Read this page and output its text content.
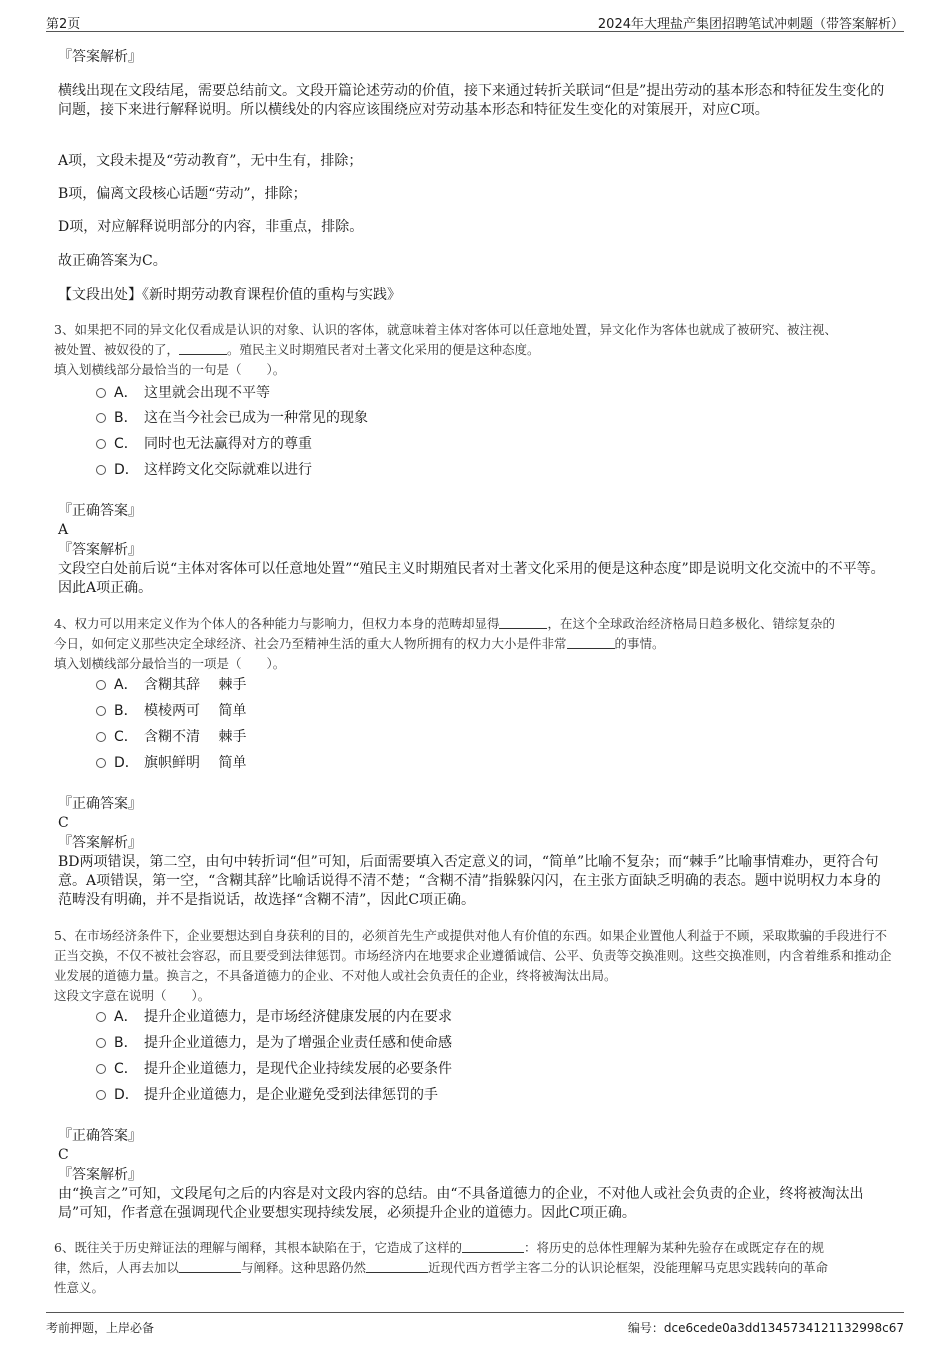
第2页	2024年大理盐产集团招聘笔试冲刺题（带答案解析）
『答案解析』
横线出现在文段结尾，需要总结前文。文段开篇论述劳动的价值，接下来通过转折关联词“但是”提出劳动的基本形态和特征发生变化的问题，接下来进行解释说明。所以横线处的内容应该围绕应对劳动基本形态和特征发生变化的对策展开，对应C项。
A项，文段未提及“劳动教育”，无中生有，排除；
B项，偏离文段核心话题“劳动”，排除；
D项，对应解释说明部分的内容，非重点，排除。
故正确答案为C。
【文段出处】《新时期劳动教育课程价值的重构与实践》
3、如果把不同的异文化仅看成是认识的对象、认识的客体，就意味着主体对客体可以任意地处置，异文化作为客体也就成了被研究、被注视、
被处置、被奴役的了，	。殖民主义时期殖民者对土著文化采用的便是这种态度。
填入划横线部分最恰当的一句是（　　）。
A． 这里就会出现不平等
B． 这在当今社会已成为一种常见的现象
C． 同时也无法赢得对方的尊重
D． 这样跨文化交际就难以进行
『正确答案』
A
『答案解析』
文段空白处前后说“主体对客体可以任意地处置”“殖民主义时期殖民者对土著文化采用的便是这种态度”即是说明文化交流中的不平等。因此A项正确。
4、权力可以用来定义作为个体人的各种能力与影响力，但权力本身的范畴却显得	，在这个全球政治经济格局日趋多极化、错综复杂的
今日，如何定义那些决定全球经济、社会乃至精神生活的重大人物所拥有的权力大小是件非常	的事情。
填入划横线部分最恰当的一项是（　　）。
A． 含糊其辞　 棘手
B． 模棱两可　 简单
C． 含糊不清　 棘手
D． 旗帜鲜明　 简单
『正确答案』
C
『答案解析』
BD两项错误，第二空，由句中转折词“但”可知，后面需要填入否定意义的词，“简单”比喻不复杂；而“棘手”比喻事情难办，更符合句意。A项错误，第一空，“含糊其辞”比喻话说得不清不楚；“含糊不清”指躲躲闪闪，在主张方面缺乏明确的表态。题中说明权力本身的范畴没有明确，并不是指说话，故选择“含糊不清”，因此C项正确。
5、在市场经济条件下，企业要想达到自身获利的目的，必须首先生产或提供对他人有价值的东西。如果企业置他人利益于不顾，采取欺骗的手段进行不正当交换，不仅不被社会容忍，而且要受到法律惩罚。市场经济内在地要求企业遵循诚信、公平、负责等交换准则。这些交换准则，内含着维系和推动企业发展的道德力量。换言之，不具备道德力的企业、不对他人或社会负责任的企业，终将被淘汰出局。
这段文字意在说明（　　）。
A． 提升企业道德力，是市场经济健康发展的内在要求
B． 提升企业道德力，是为了增强企业责任感和使命感
C． 提升企业道德力，是现代企业持续发展的必要条件
D． 提升企业道德力，是企业避免受到法律惩罚的手
『正确答案』
C
『答案解析』
由“换言之”可知，文段尾句之后的内容是对文段内容的总结。由“不具备道德力的企业，不对他人或社会负责的企业，终将被淘汰出局”可知，作者意在强调现代企业要想实现持续发展，必须提升企业的道德力。因此C项正确。
6、既往关于历史辩证法的理解与阐释，其根本缺陷在于，它造成了这样的	：将历史的总体性理解为某种先验存在或既定存在的规
律，然后，人再去加以	与阐释。这种思路仍然	近现代西方哲学主客二分的认识论框架，没能理解马克思实践转向的革命
性意义。
考前押题，上岸必备	编号：dce6cede0a3dd1345734121132998c67
